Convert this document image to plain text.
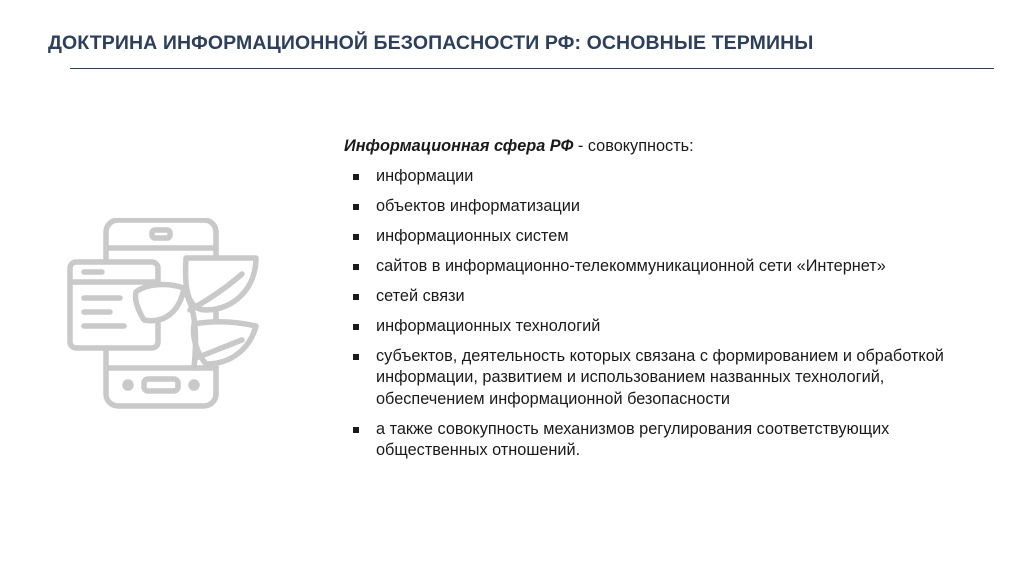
ДОКТРИНА ИНФОРМАЦИОННОЙ БЕЗОПАСНОСТИ РФ: ОСНОВНЫЕ ТЕРМИНЫ

Информационная сфера РФ - совокупность:

информации
объектов информатизации
информационных систем
сайтов в информационно-телекоммуникационной сети «Интернет»
сетей связи
информационных технологий
субъектов, деятельность которых связана с формированием и обработкой информации, развитием и использованием названных технологий, обеспечением информационной безопасности
а также совокупность механизмов регулирования соответствующих общественных отношений.
